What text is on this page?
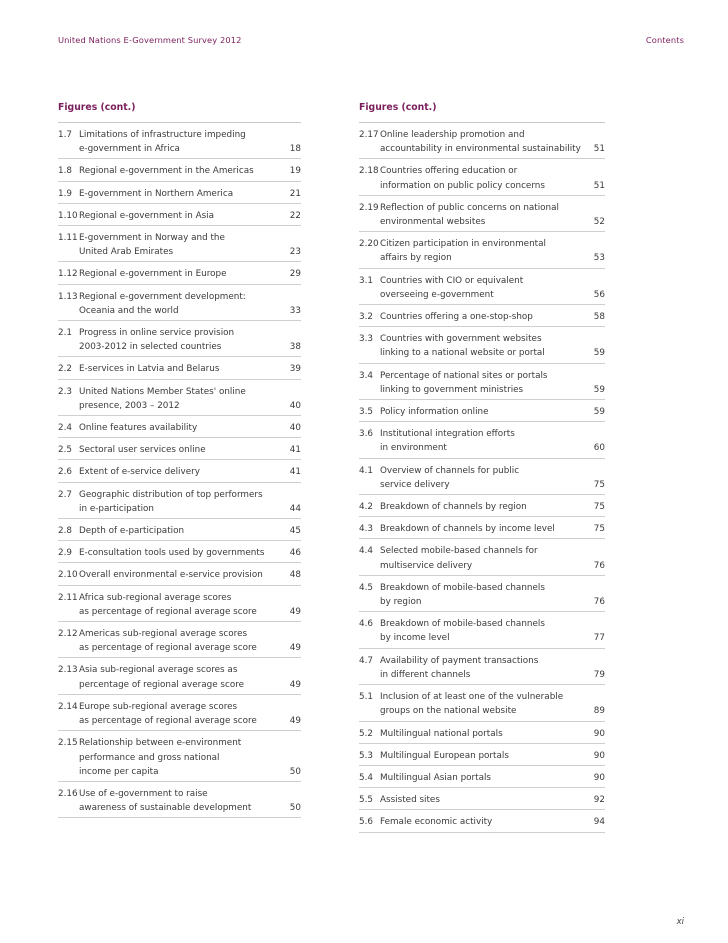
United Nations E-Government Survey 2012	Contents
Figures (cont.)
1.7 Limitations of infrastructure impeding
e-government in Africa	18
1.8 Regional e-government in the Americas	19
1.9 E-government in Northern America	21
1.10 Regional e-government in Asia	22
1.11 E-government in Norway and the
United Arab Emirates	23
1.12 Regional e-government in Europe	29
1.13 Regional e-government development:
Oceania and the world	33
2.1 Progress in online service provision
2003-2012 in selected countries	38
2.2 E-services in Latvia and Belarus	39
2.3 United Nations Member States' online
presence, 2003 – 2012	40
2.4 Online features availability	40
2.5 Sectoral user services online	41
2.6 Extent of e-service delivery	41
2.7 Geographic distribution of top performers
in e-participation	44
2.8 Depth of e-participation	45
2.9 E-consultation tools used by governments	46
2.10 Overall environmental e-service provision	48
2.11 Africa sub-regional average scores
as percentage of regional average score	49
2.12 Americas sub-regional average scores
as percentage of regional average score	49
2.13 Asia sub-regional average scores as
percentage of regional average score	49
2.14 Europe sub-regional average scores
as percentage of regional average score	49
2.15 Relationship between e-environment
performance and gross national
income per capita	50
2.16 Use of e-government to raise
awareness of sustainable development	50
Figures (cont.)
2.17 Online leadership promotion and
accountability in environmental sustainability 51
2.18 Countries offering education or
information on public policy concerns	51
2.19 Reflection of public concerns on national
environmental websites	52
2.20 Citizen participation in environmental
affairs by region	53
3.1 Countries with CIO or equivalent
overseeing e-government	56
3.2 Countries offering a one-stop-shop	58
3.3 Countries with government websites
linking to a national website or portal	59
3.4 Percentage of national sites or portals
linking to government ministries	59
3.5 Policy information online	59
3.6 Institutional integration efforts
in environment	60
4.1 Overview of channels for public
service delivery	75
4.2 Breakdown of channels by region	75
4.3 Breakdown of channels by income level	75
4.4 Selected mobile-based channels for
multiservice delivery	76
4.5 Breakdown of mobile-based channels
by region	76
4.6 Breakdown of mobile-based channels
by income level	77
4.7 Availability of payment transactions
in different channels	79
5.1 Inclusion of at least one of the vulnerable
groups on the national website	89
5.2 Multilingual national portals	90
5.3 Multilingual European portals	90
5.4 Multilingual Asian portals	90
5.5 Assisted sites	92
5.6 Female economic activity	94
xi
